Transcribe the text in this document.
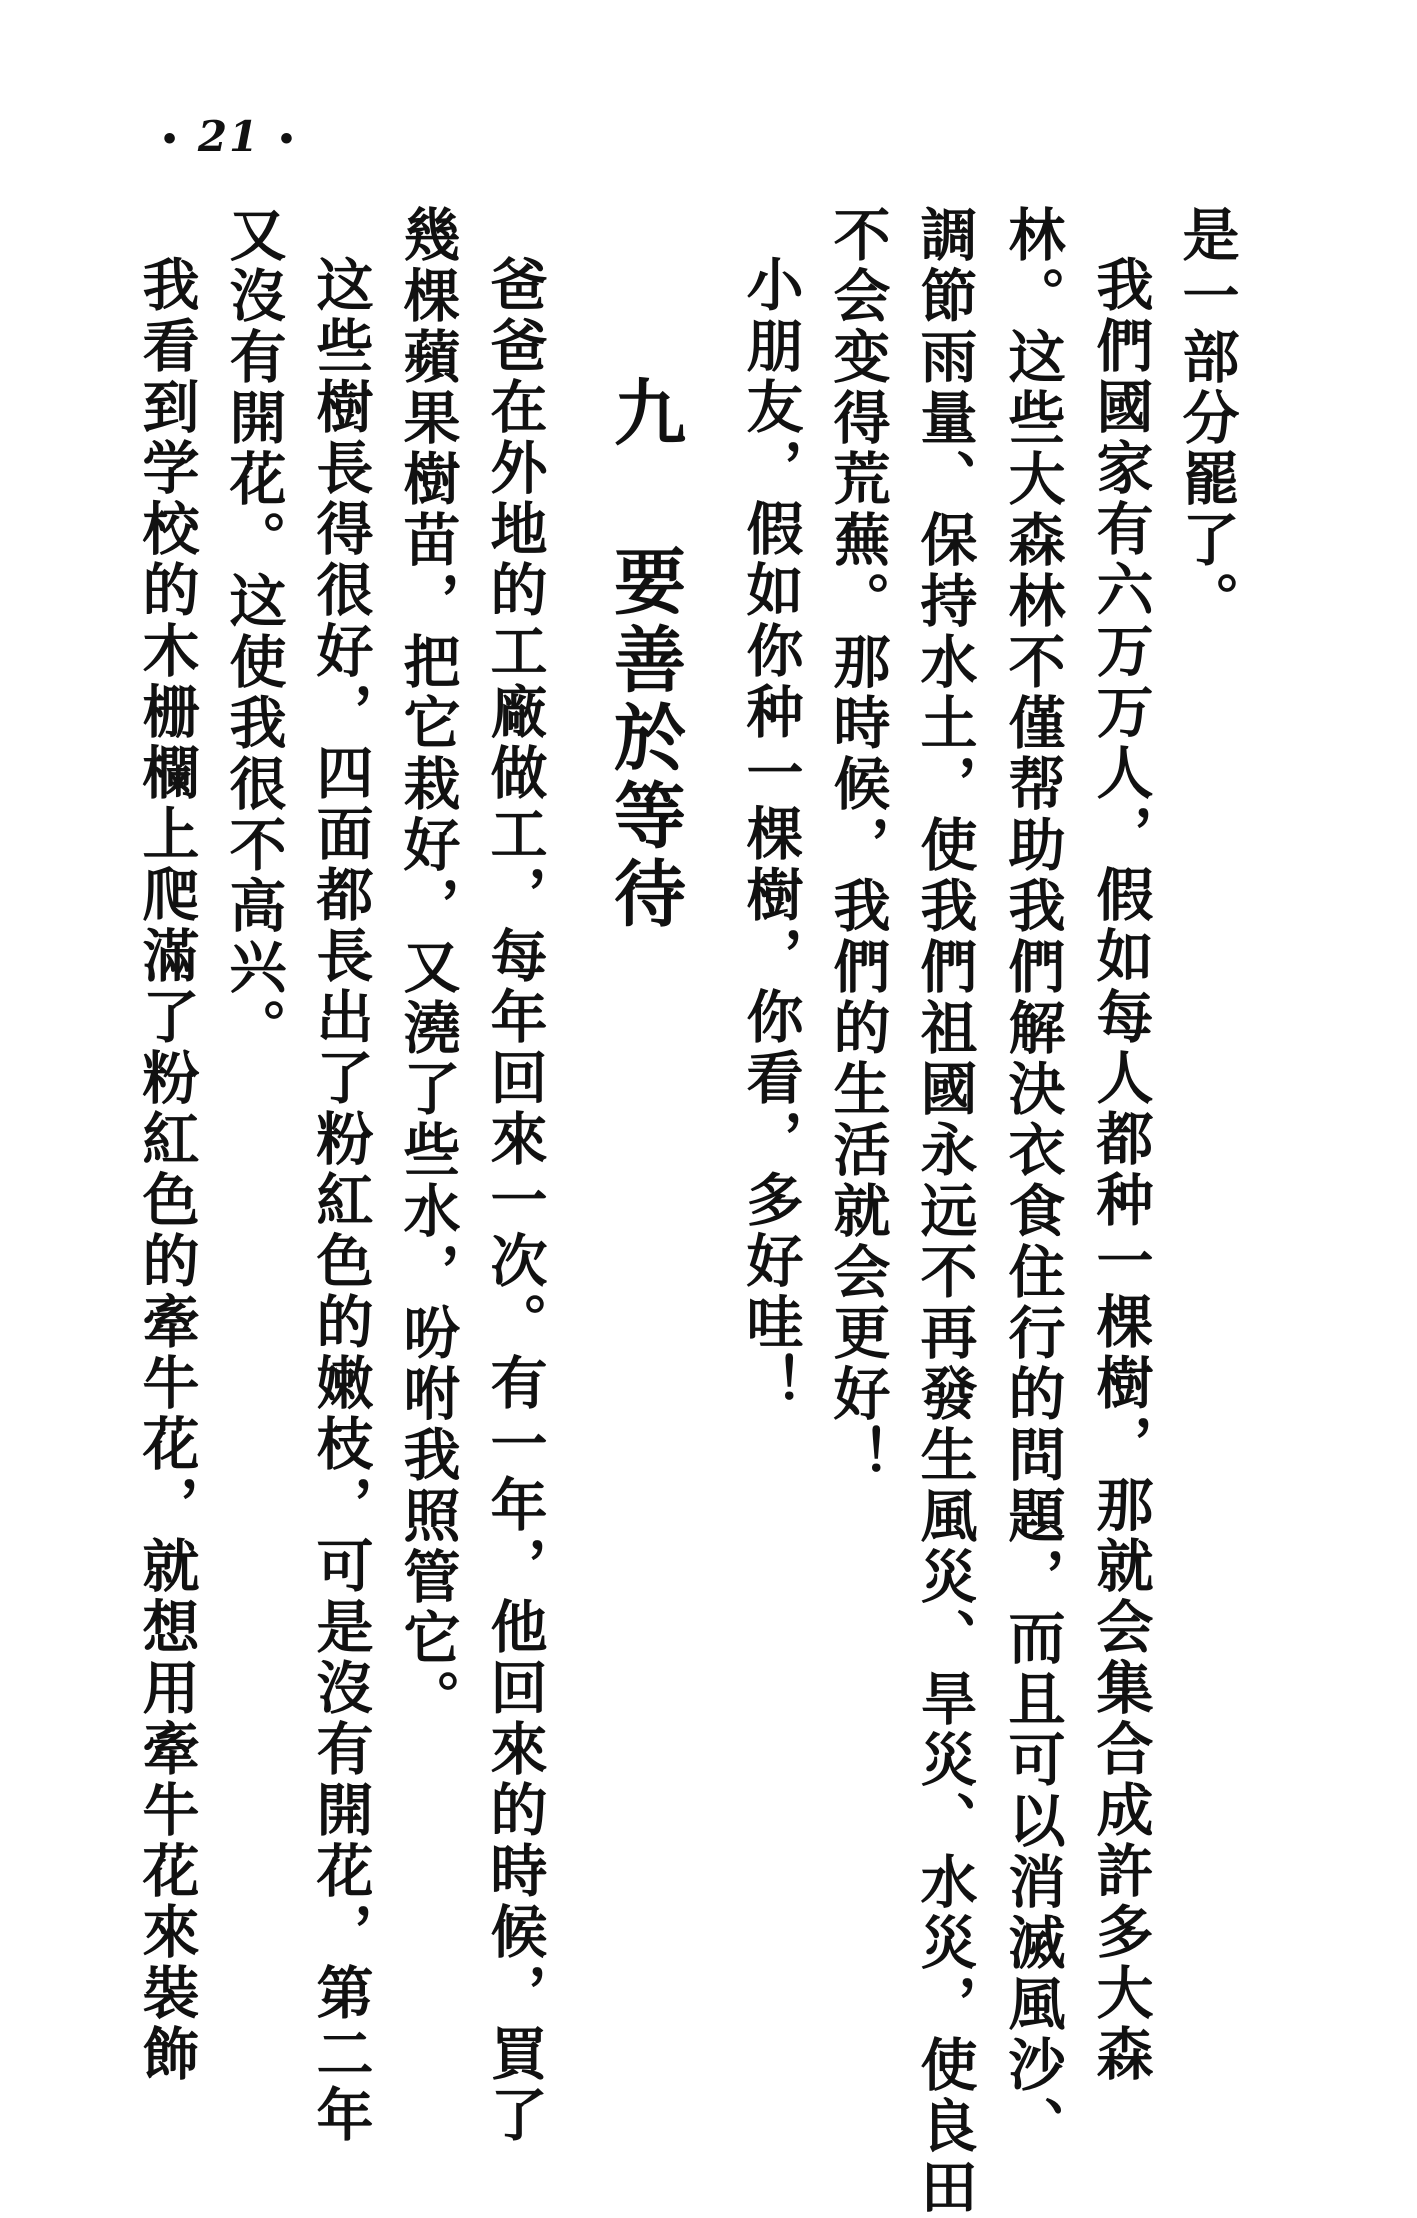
• 21 •
是一部分罷了。
我們國家有六万万人，假如每人都种一棵樹，那就会集合成許多大森
林。这些大森林不僅帮助我們解決衣食住行的問題，而且可以消滅風沙、
調節雨量、保持水土，使我們祖國永远不再發生風災、旱災、水災，使良田
不会变得荒蕪。那時候，我們的生活就会更好！
小朋友，假如你种一棵樹，你看，多好哇！
九 要善於等待
爸爸在外地的工廠做工，每年回來一次。有一年，他回來的時候，買了
幾棵蘋果樹苗，把它栽好，又澆了些水，吩咐我照管它。
这些樹長得很好，四面都長出了粉紅色的嫩枝，可是沒有開花，第二年
又沒有開花。这使我很不高兴。
我看到学校的木栅欄上爬滿了粉紅色的牽牛花，就想用牽牛花來裝飾
